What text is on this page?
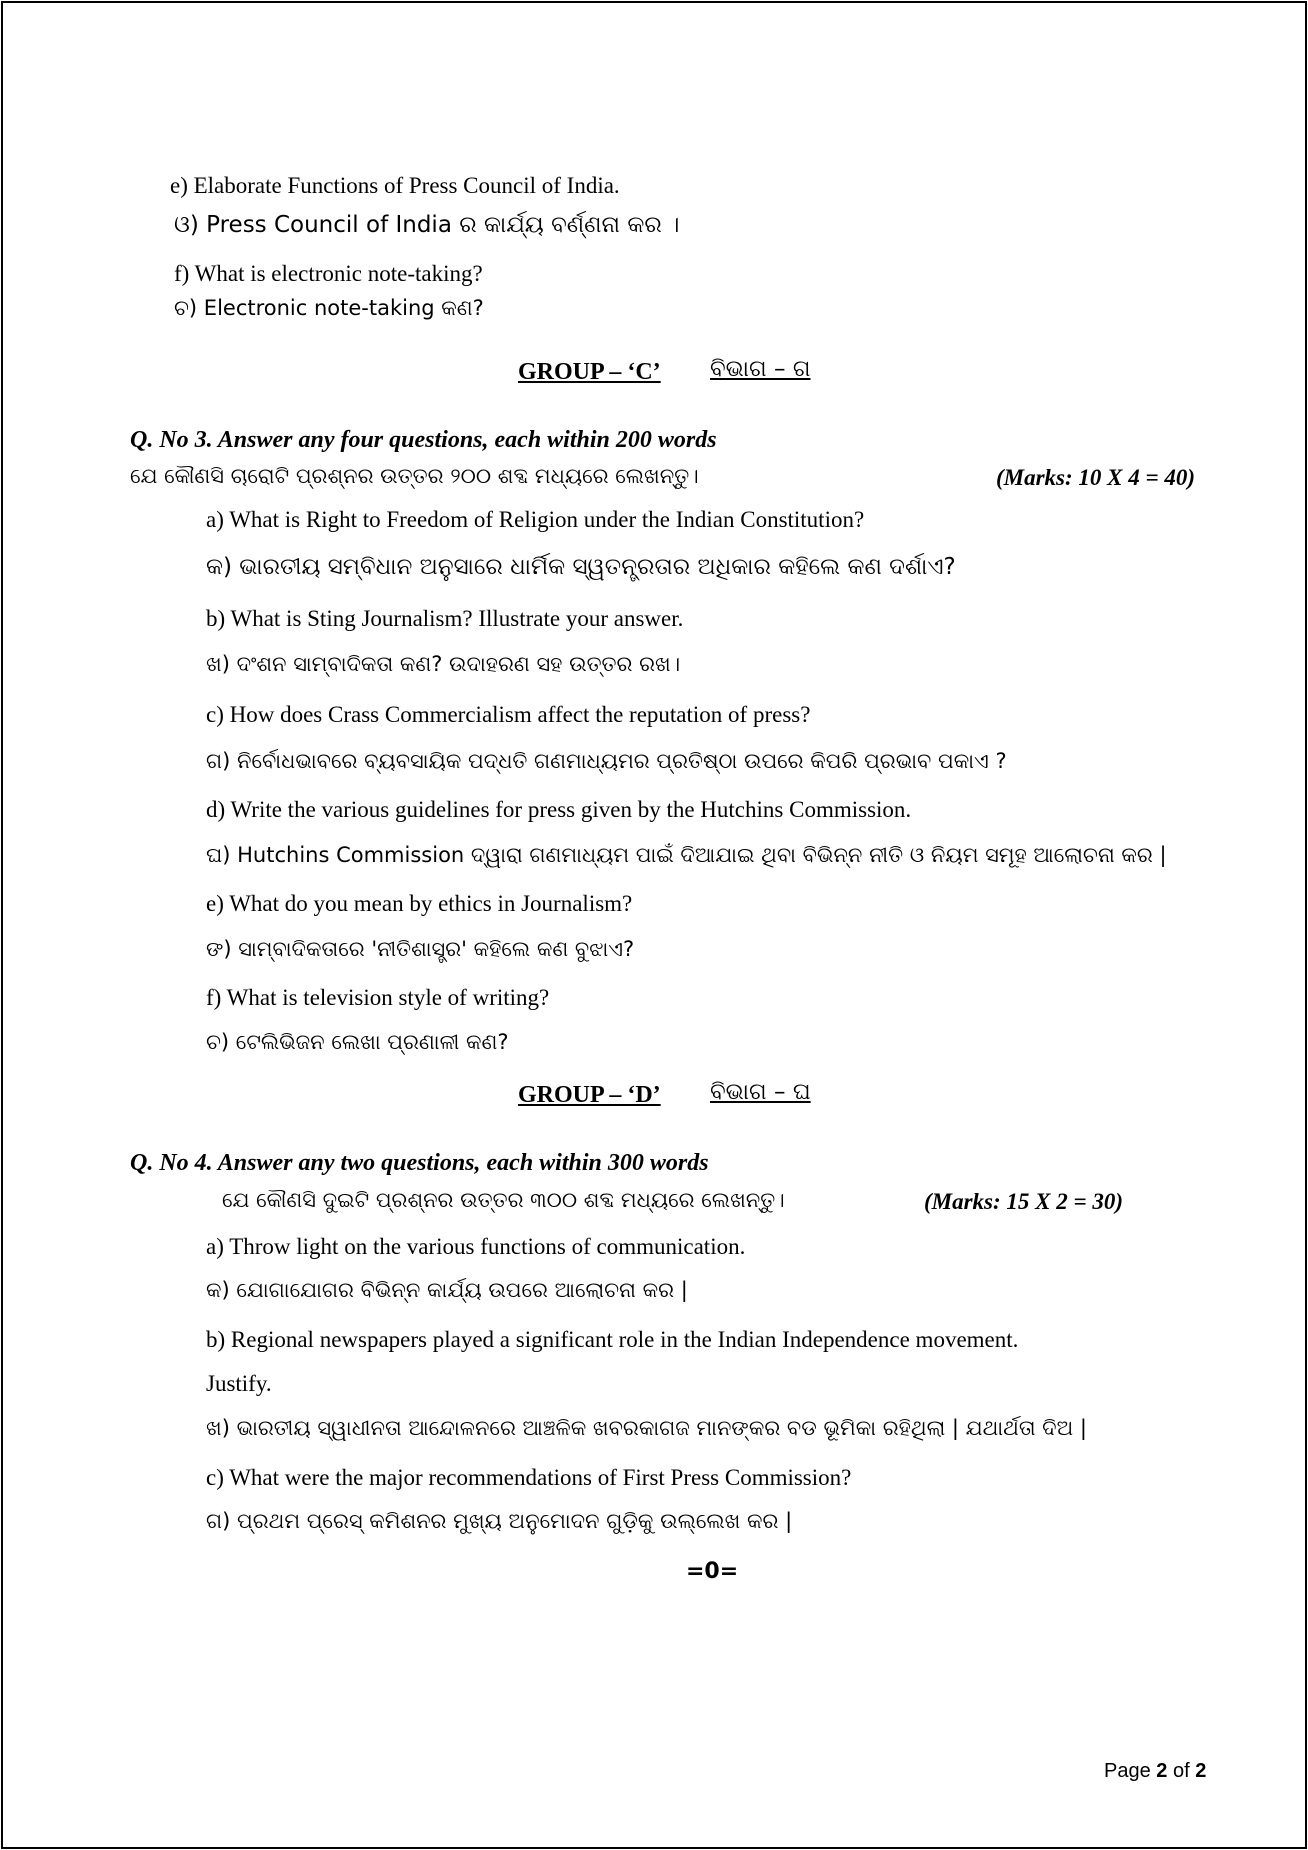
e) Elaborate Functions of Press Council of India.
ଓ) Press Council of India ର କାର୍ଯ୍ୟ ବର୍ଣ୍ଣନା କର ।
f) What is electronic note-taking?
ଚ) Electronic note-taking କଣ?
GROUP – ‘C’ ବିଭାଗ – ଗ
Q. No 3. Answer any four questions, each within 200 words
ଯେ କୌଣସି ଚାରୋଟି ପ୍ରଶ୍ନର ଉତ୍ତର ୨୦୦ ଶବ୍ଦ ମଧ୍ୟରେ ଲେଖନ୍ତୁ।	(Marks: 10 X 4 = 40)
a) What is Right to Freedom of Religion under the Indian Constitution?
କ) ଭାରତୀୟ ସମ୍ବିଧାନ ଅନୁସାରେ ଧାର୍ମିକ ସ୍ୱତନ୍ତ୍ରତାର ଅଧିକାର କହିଲେ କଣ ଦର୍ଶାଏ?
b) What is Sting Journalism? Illustrate your answer.
ଖ) ଦଂଶନ ସାମ୍ବାଦିକତା କଣ? ଉଦାହରଣ ସହ ଉତ୍ତର ରଖ।
c) How does Crass Commercialism affect the reputation of press?
ଗ) ନିର୍ବୋଧଭାବରେ ବ୍ୟବସାୟିକ ପଦ୍ଧତି ଗଣମାଧ୍ୟମର ପ୍ରତିଷ୍ଠା ଉପରେ କିପରି ପ୍ରଭାବ ପକାଏ ?
d) Write the various guidelines for press given by the Hutchins Commission.
ଘ) Hutchins Commission ଦ୍ୱାରା ଗଣମାଧ୍ୟମ ପାଇଁ ଦିଆଯାଇ ଥିବା ବିଭିନ୍ନ ନୀତି ଓ ନିୟମ ସମୂହ ଆଲୋଚନା କର |
e) What do you mean by ethics in Journalism?
ଙ) ସାମ୍ବାଦିକତାରେ 'ନୀତିଶାସ୍ତ୍ର' କହିଲେ କଣ ବୁଝାଏ?
f) What is television style of writing?
ଚ) ଟେଲିଭିଜନ ଲେଖା ପ୍ରଣାଳୀ କଣ?
GROUP – ‘D’ ବିଭାଗ – ଘ
Q. No 4. Answer any two questions, each within 300 words
ଯେ କୌଣସି ଦୁଇଟି ପ୍ରଶ୍ନର ଉତ୍ତର ୩୦୦ ଶବ୍ଦ ମଧ୍ୟରେ ଲେଖନ୍ତୁ।	(Marks: 15 X 2 = 30)
a) Throw light on the various functions of communication.
କ) ଯୋଗାଯୋଗର ବିଭିନ୍ନ କାର୍ଯ୍ୟ ଉପରେ ଆଲୋଚନା କର |
b) Regional newspapers played a significant role in the Indian Independence movement.
Justify.
ଖ) ଭାରତୀୟ ସ୍ୱାଧୀନତା ଆନ୍ଦୋଳନରେ ଆଞ୍ଚଳିକ ଖବରକାଗଜ ମାନଙ୍କର ବଡ ଭୂମିକା ରହିଥିଲା | ଯଥାର୍ଥତା ଦିଅ |
c) What were the major recommendations of First Press Commission?
ଗ) ପ୍ରଥମ ପ୍ରେସ୍ କମିଶନର ମୁଖ୍ୟ ଅନୁମୋଦନ ଗୁଡ଼ିକୁ ଉଲ୍ଲେଖ କର |
=0=
Page 2 of 2
